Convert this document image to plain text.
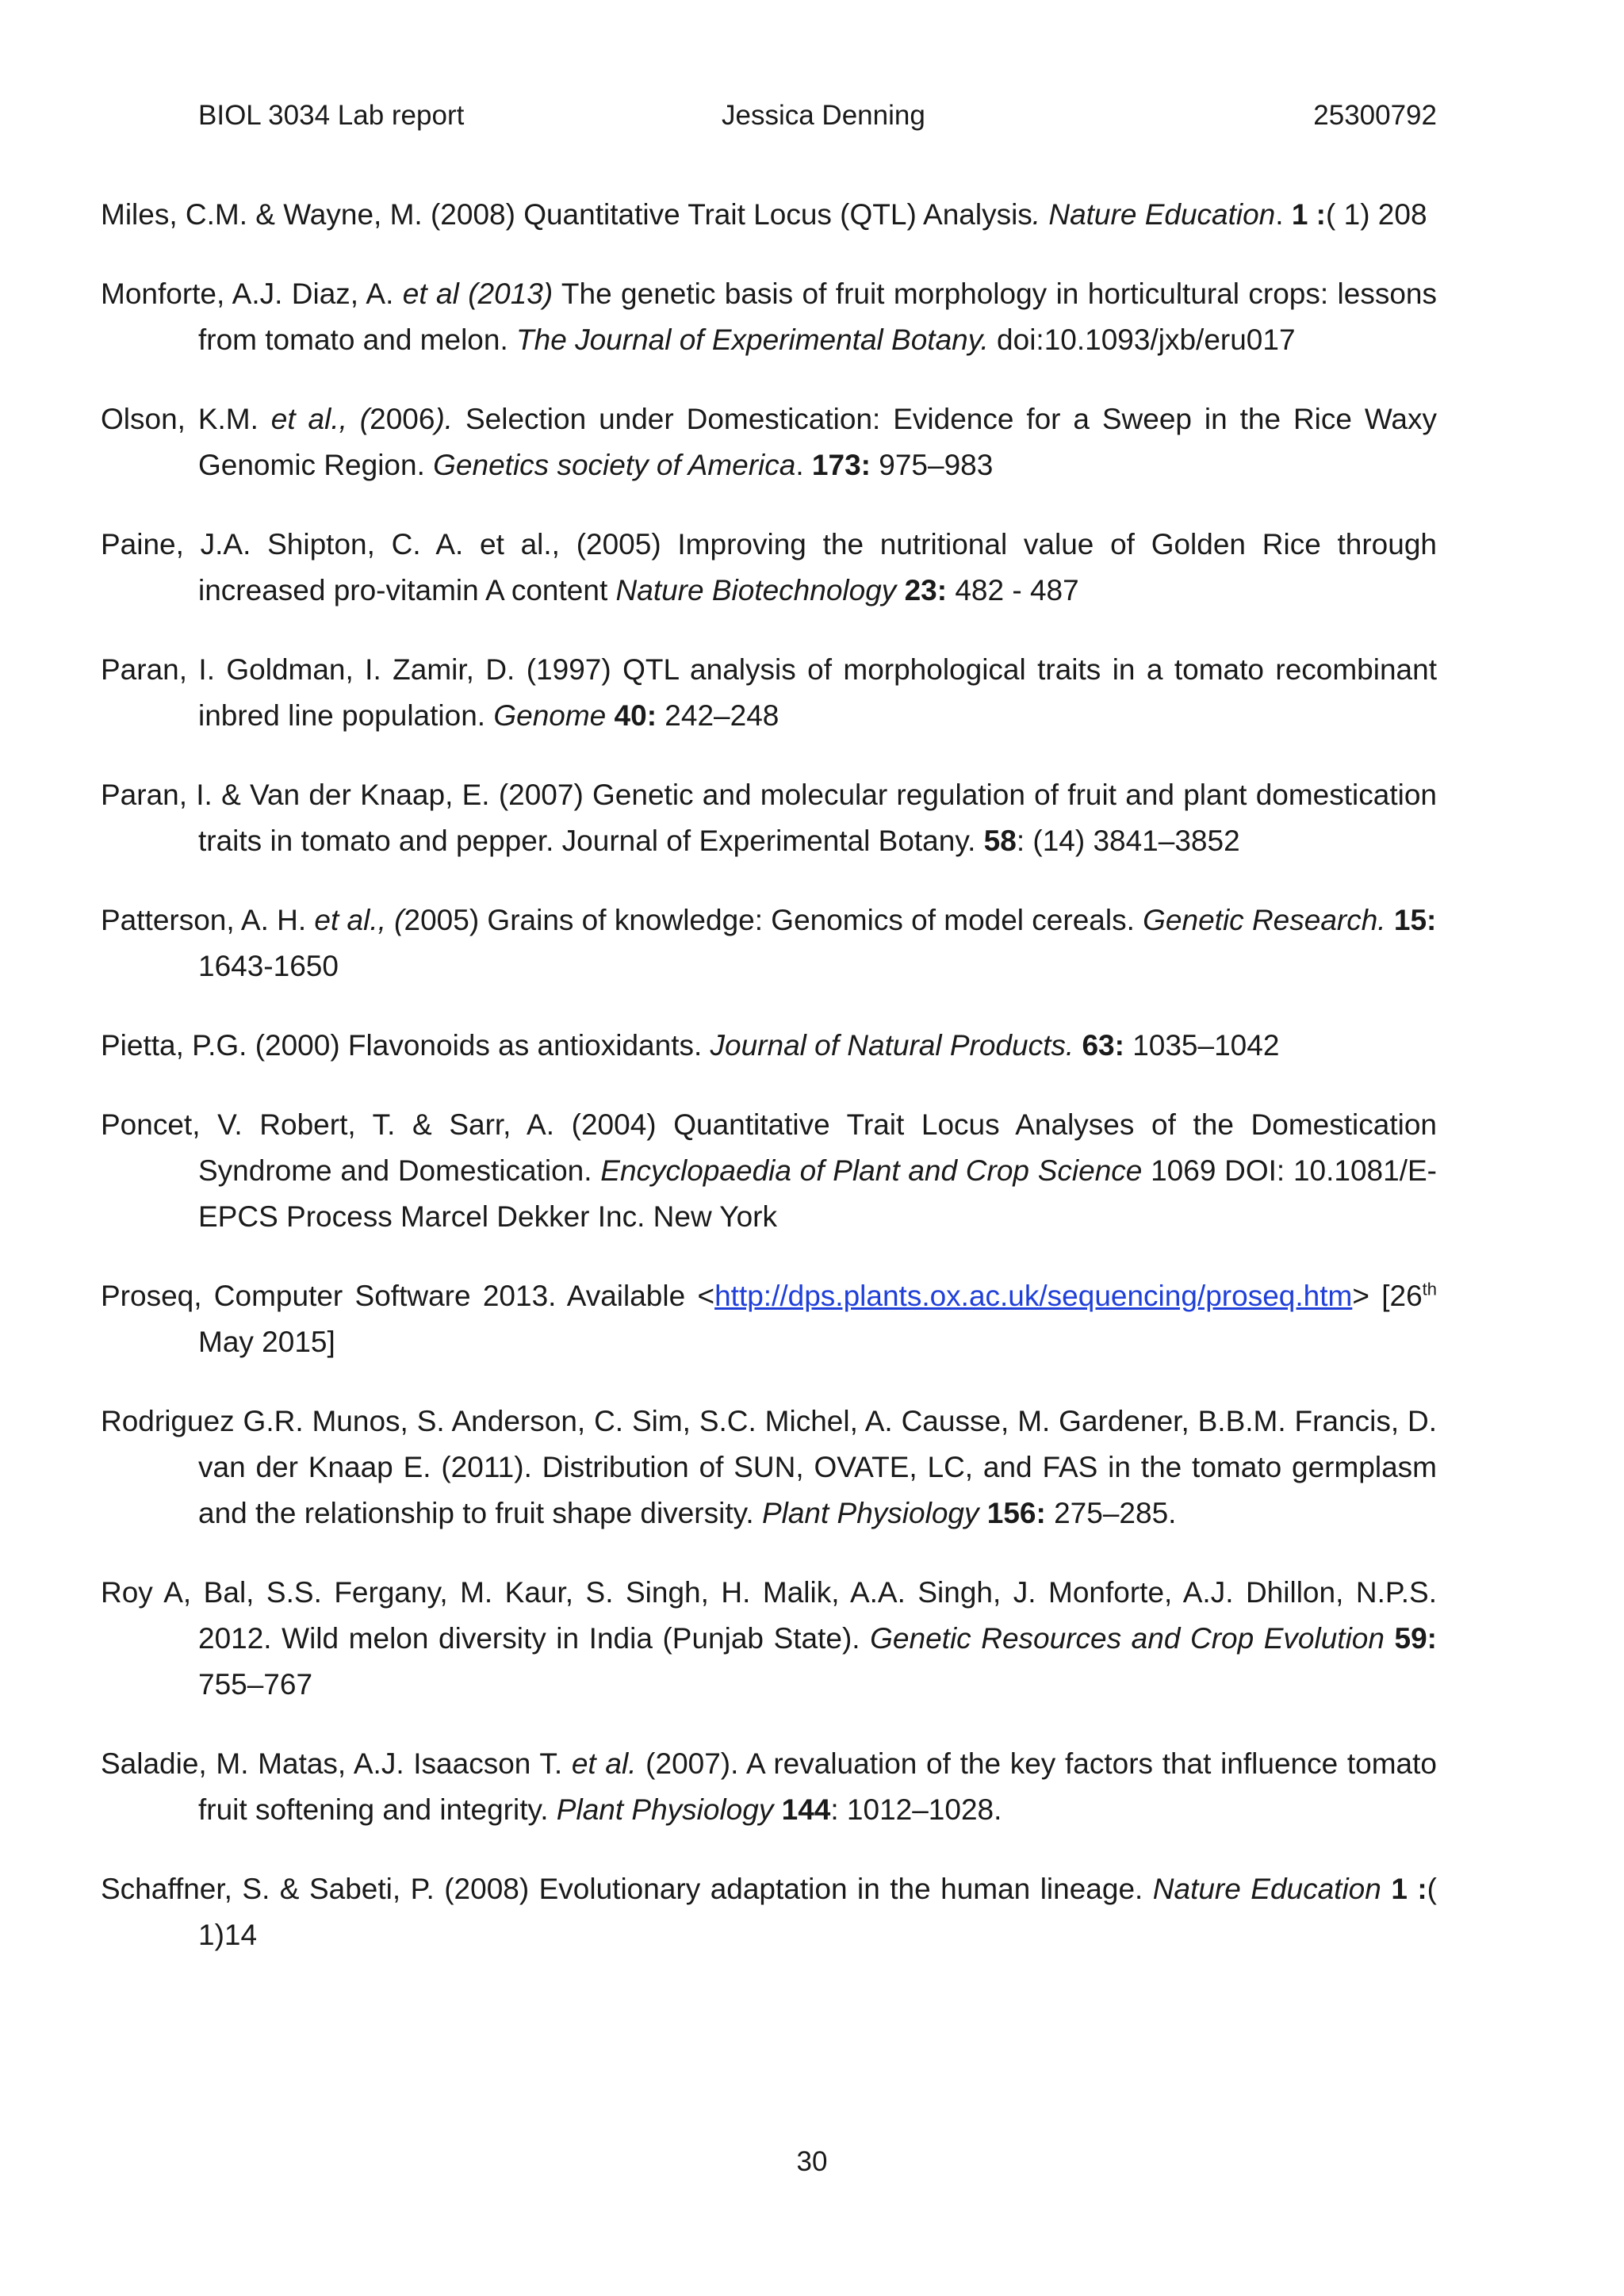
BIOL 3034 Lab report	Jessica Denning	25300792

Miles, C.M. & Wayne, M. (2008) Quantitative Trait Locus (QTL) Analysis. Nature Education. 1 :( 1) 208

Monforte, A.J. Diaz, A. et al (2013) The genetic basis of fruit morphology in horticultural crops: lessons from tomato and melon. The Journal of Experimental Botany. doi:10.1093/jxb/eru017

Olson, K.M. et al., (2006). Selection under Domestication: Evidence for a Sweep in the Rice Waxy Genomic Region. Genetics society of America. 173: 975–983

Paine, J.A. Shipton, C. A. et al., (2005) Improving the nutritional value of Golden Rice through increased pro-vitamin A content Nature Biotechnology 23: 482 - 487

Paran, I. Goldman, I. Zamir, D. (1997) QTL analysis of morphological traits in a tomato recombinant inbred line population. Genome 40: 242–248

Paran, I. & Van der Knaap, E. (2007) Genetic and molecular regulation of fruit and plant domestication traits in tomato and pepper. Journal of Experimental Botany. 58: (14) 3841–3852

Patterson, A. H. et al., (2005) Grains of knowledge: Genomics of model cereals. Genetic Research. 15: 1643-1650

Pietta, P.G. (2000) Flavonoids as antioxidants. Journal of Natural Products. 63: 1035–1042

Poncet, V. Robert, T. & Sarr, A. (2004) Quantitative Trait Locus Analyses of the Domestication Syndrome and Domestication. Encyclopaedia of Plant and Crop Science 1069 DOI: 10.1081/E-EPCS Process Marcel Dekker Inc. New York

Proseq, Computer Software 2013. Available <http://dps.plants.ox.ac.uk/sequencing/proseq.htm> [26th May 2015]

Rodriguez G.R. Munos, S. Anderson, C. Sim, S.C. Michel, A. Causse, M. Gardener, B.B.M. Francis, D. van der Knaap E. (2011). Distribution of SUN, OVATE, LC, and FAS in the tomato germplasm and the relationship to fruit shape diversity. Plant Physiology 156: 275–285.

Roy A, Bal, S.S. Fergany, M. Kaur, S. Singh, H. Malik, A.A. Singh, J. Monforte, A.J. Dhillon, N.P.S. 2012. Wild melon diversity in India (Punjab State). Genetic Resources and Crop Evolution 59: 755–767

Saladie, M. Matas, A.J. Isaacson T. et al. (2007). A revaluation of the key factors that influence tomato fruit softening and integrity. Plant Physiology 144: 1012–1028.

Schaffner, S. & Sabeti, P. (2008) Evolutionary adaptation in the human lineage. Nature Education 1 :( 1)14

30
